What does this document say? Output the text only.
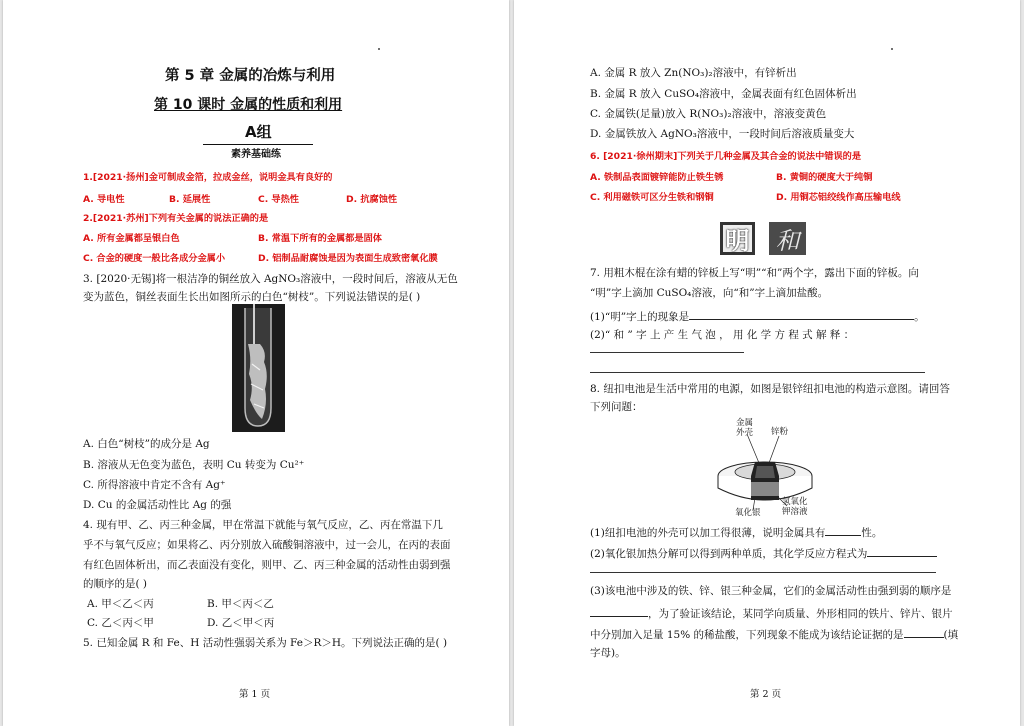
第 5 章 金属的冶炼与利用
第 10 课时 金属的性质和利用
A组
素养基础练
1.[2021·扬州]金可制成金箔，拉成金丝，说明金具有良好的
A. 导电性	B. 延展性	C. 导热性	D. 抗腐蚀性
2.[2021·苏州]下列有关金属的说法正确的是
A. 所有金属都呈银白色	B. 常温下所有的金属都是固体
C. 合金的硬度一般比各成分金属小	D. 铝制品耐腐蚀是因为表面生成致密氧化膜
3. [2020·无锡]将一根洁净的铜丝放入 AgNO₃溶液中，一段时间后，溶液从无色
变为蓝色，铜丝表面生长出如图所示的白色“树枝”。下列说法错误的是( )
A. 白色“树枝”的成分是 Ag
B. 溶液从无色变为蓝色，表明 Cu 转变为 Cu²⁺
C. 所得溶液中肯定不含有 Ag⁺
D. Cu 的金属活动性比 Ag 的强
4. 现有甲、乙、丙三种金属，甲在常温下就能与氧气反应，乙、丙在常温下几
乎不与氧气反应；如果将乙、丙分别放入硫酸铜溶液中，过一会儿，在丙的表面
有红色固体析出，而乙表面没有变化，则甲、乙、丙三种金属的活动性由弱到强
的顺序的是( )
A. 甲＜乙＜丙	B. 甲＜丙＜乙
C. 乙＜丙＜甲	D. 乙＜甲＜丙
5. 已知金属 R 和 Fe、H 活动性强弱关系为 Fe＞R＞H。下列说法正确的是( )
第 1 页
A. 金属 R 放入 Zn(NO₃)₂溶液中，有锌析出
B. 金属 R 放入 CuSO₄溶液中，金属表面有红色固体析出
C. 金属铁(足量)放入 R(NO₃)₂溶液中，溶液变黄色
D. 金属铁放入 AgNO₃溶液中，一段时间后溶液质量变大
6. [2021·徐州期末]下列关于几种金属及其合金的说法中错误的是
A. 铁制品表面镀锌能防止铁生锈	B. 黄铜的硬度大于纯铜
C. 利用磁铁可区分生铁和钢铜	D. 用铜芯铝绞线作高压输电线
明 和
7. 用粗木棍在涂有蜡的锌板上写“明”“和”两个字，露出下面的锌板。向
“明”字上滴加 CuSO₄溶液，向“和”字上滴加盐酸。
(1)“明”字上的现象是	。
(2)“ 和 ” 字 上 产 生 气 泡 ， 用 化 学 方 程 式 解 释 ：
8. 纽扣电池是生活中常用的电源，如图是银锌纽扣电池的构造示意图。请回答
下列问题：
金属
外壳 锌粉
氧化银
氢氧化
钾溶液
(1)纽扣电池的外壳可以加工得很薄，说明金属具有	性。
(2)氧化银加热分解可以得到两种单质，其化学反应方程式为
(3)该电池中涉及的铁、锌、银三种金属，它们的金属活动性由强到弱的顺序是
，为了验证该结论，某同学向质量、外形相同的铁片、锌片、银片
中分别加入足量 15% 的稀盐酸，下列现象不能成为该结论证据的是	(填
字母)。
第 2 页
